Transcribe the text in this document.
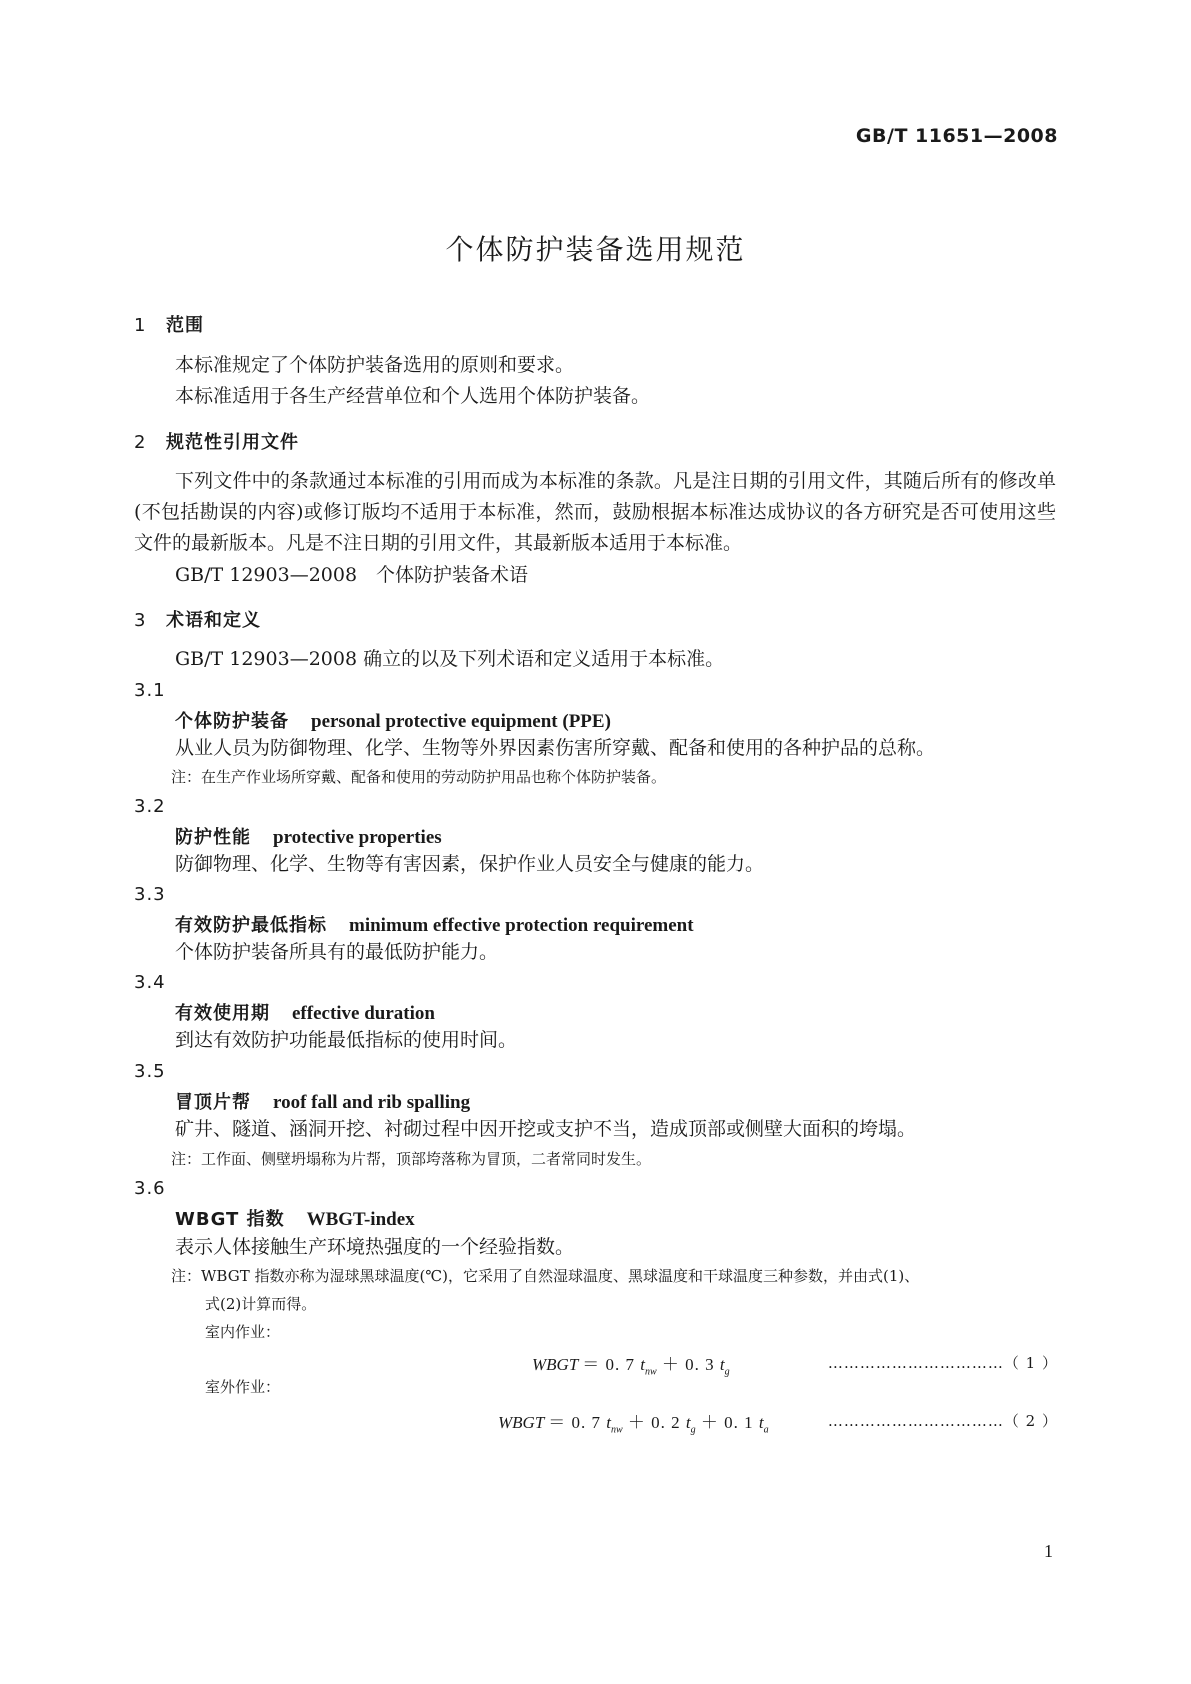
GB/T 11651—2008
个体防护装备选用规范
1 范围
本标准规定了个体防护装备选用的原则和要求。
本标准适用于各生产经营单位和个人选用个体防护装备。
2 规范性引用文件
下列文件中的条款通过本标准的引用而成为本标准的条款。凡是注日期的引用文件，其随后所有的修改单(不包括勘误的内容)或修订版均不适用于本标准，然而，鼓励根据本标准达成协议的各方研究是否可使用这些文件的最新版本。凡是不注日期的引用文件，其最新版本适用于本标准。
GB/T 12903—2008　个体防护装备术语
3 术语和定义
GB/T 12903—2008 确立的以及下列术语和定义适用于本标准。
3.1
个体防护装备 personal protective equipment (PPE)
从业人员为防御物理、化学、生物等外界因素伤害所穿戴、配备和使用的各种护品的总称。
注：在生产作业场所穿戴、配备和使用的劳动防护用品也称个体防护装备。
3.2
防护性能 protective properties
防御物理、化学、生物等有害因素，保护作业人员安全与健康的能力。
3.3
有效防护最低指标 minimum effective protection requirement
个体防护装备所具有的最低防护能力。
3.4
有效使用期 effective duration
到达有效防护功能最低指标的使用时间。
3.5
冒顶片帮 roof fall and rib spalling
矿井、隧道、涵洞开挖、衬砌过程中因开挖或支护不当，造成顶部或侧壁大面积的垮塌。
注：工作面、侧壁坍塌称为片帮，顶部垮落称为冒顶，二者常同时发生。
3.6
WBGT 指数 WBGT-index
表示人体接触生产环境热强度的一个经验指数。
注：WBGT 指数亦称为湿球黑球温度(℃)，它采用了自然湿球温度、黑球温度和干球温度三种参数，并由式(1)、
式(2)计算而得。
室内作业：
WBGT ＝ 0. 7 $t_{nw} + 0$. 3 $t_g$	……………………………（ 1 ）
室外作业：
WBGT ＝ 0. 7 $t_{nw} + 0$. 2 $t_g + 0$. 1 $t_a$	……………………………（ 2 ）
1
